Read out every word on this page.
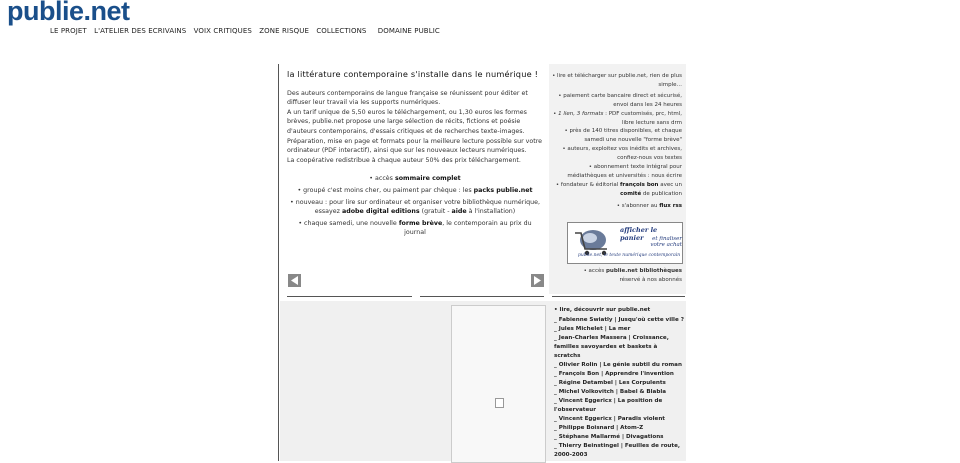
publie.net
LE PROJET L'ATELIER DES ECRIVAINS VOIX CRITIQUES ZONE RISQUE COLLECTIONS DOMAINE PUBLIC
la littérature contemporaine s'installe dans le numérique !

Des auteurs contemporains de langue française se réunissent pour éditer et diffuser leur travail via les supports numériques.

A un tarif unique de 5,50 euros le téléchargement, ou 1,30 euros les formes brèves, publie.net propose une large sélection de récits, fictions et poésie d'auteurs contemporains, d'essais critiques et de recherches texte-images.

Préparation, mise en page et formats pour la meilleure lecture possible sur votre ordinateur (PDF interactif), ainsi que sur les nouveaux lecteurs numériques.

La coopérative redistribue à chaque auteur 50% des prix téléchargement.

• accès sommaire complet
• groupé c'est moins cher, ou paiment par chèque : les packs publie.net
• nouveau : pour lire sur ordinateur et organiser votre bibliothèque numérique, essayez adobe digital editions (gratuit - aide à l'installation)
• chaque samedi, une nouvelle forme brève, le contemporain au prix du journal
• lire et télécharger sur publie.net, rien de plus simple…
• paiement carte bancaire direct et sécurisé, envoi dans les 24 heures
• 1 lien, 3 formats : PDF customisés, prc, html, libre lecture sans drm
• près de 140 titres disponibles, et chaque samedi une nouvelle "forme brève"
• auteurs, exploitez vos inédits et archives, confiez-nous vos textes
• abonnement texte intégral pour médiathèques et universités : nous écrire
• fondateur & éditorial françois bon avec un comité de publication
• s'abonner au flux rss
afficher le panier	et finaliser votre achat
publie.net, le texte numérique contemporain
• accès publie.net bibliothèques
réservé à nos abonnés
• lire, découvrir sur publie.net
_ Fabienne Swiatly | Jusqu'où cette ville ?
_ Jules Michelet | La mer
_ Jean-Charles Massera | Croissance, familles savoyardes et baskets à scratchs
_ Olivier Rolin | Le génie subtil du roman
_ François Bon | Apprendre l'invention
_ Régine Detambel | Les Corpulents
_ Michel Volkovitch | Babel & Blabla
_ Vincent Eggericx | La position de l'observateur
_ Vincent Eggericx | Paradis violent
_ Philippe Boisnard | Atom-Z
_ Stéphane Mallarmé | Divagations
_ Thierry Beinstingel | Feuilles de route, 2000-2003
